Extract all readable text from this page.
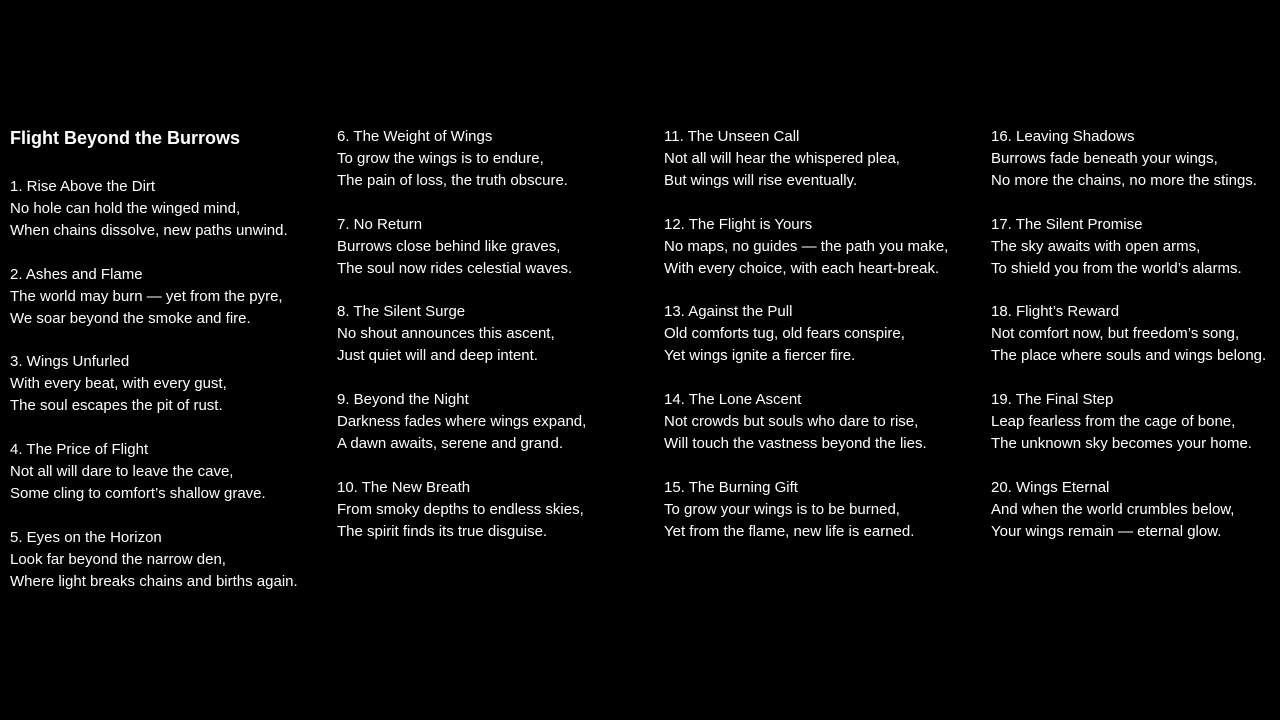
Flight Beyond the Burrows
1. Rise Above the Dirt
No hole can hold the winged mind,
When chains dissolve, new paths unwind.
2. Ashes and Flame
The world may burn — yet from the pyre,
We soar beyond the smoke and fire.
3. Wings Unfurled
With every beat, with every gust,
The soul escapes the pit of rust.
4. The Price of Flight
Not all will dare to leave the cave,
Some cling to comfort’s shallow grave.
5. Eyes on the Horizon
Look far beyond the narrow den,
Where light breaks chains and births again.
6. The Weight of Wings
To grow the wings is to endure,
The pain of loss, the truth obscure.
7. No Return
Burrows close behind like graves,
The soul now rides celestial waves.
8. The Silent Surge
No shout announces this ascent,
Just quiet will and deep intent.
9. Beyond the Night
Darkness fades where wings expand,
A dawn awaits, serene and grand.
10. The New Breath
From smoky depths to endless skies,
The spirit finds its true disguise.
11. The Unseen Call
Not all will hear the whispered plea,
But wings will rise eventually.
12. The Flight is Yours
No maps, no guides — the path you make,
With every choice, with each heart-break.
13. Against the Pull
Old comforts tug, old fears conspire,
Yet wings ignite a fiercer fire.
14. The Lone Ascent
Not crowds but souls who dare to rise,
Will touch the vastness beyond the lies.
15. The Burning Gift
To grow your wings is to be burned,
Yet from the flame, new life is earned.
16. Leaving Shadows
Burrows fade beneath your wings,
No more the chains, no more the stings.
17. The Silent Promise
The sky awaits with open arms,
To shield you from the world’s alarms.
18. Flight’s Reward
Not comfort now, but freedom’s song,
The place where souls and wings belong.
19. The Final Step
Leap fearless from the cage of bone,
The unknown sky becomes your home.
20. Wings Eternal
And when the world crumbles below,
Your wings remain — eternal glow.
